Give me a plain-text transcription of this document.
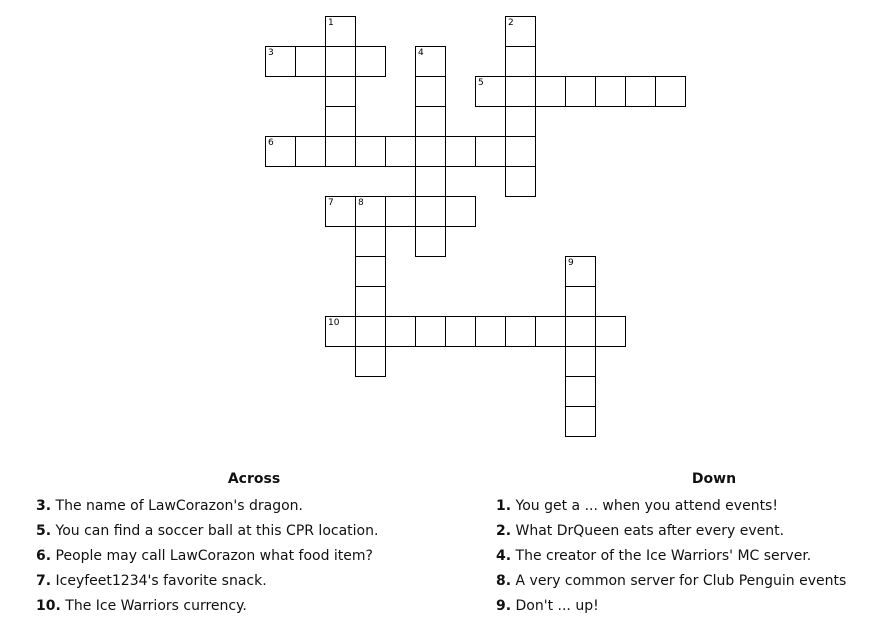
1	2
3	4
5
6
7	8
9
10
Across
3. The name of LawCorazon's dragon.
5. You can find a soccer ball at this CPR location.
6. People may call LawCorazon what food item?
7. Iceyfeet1234's favorite snack.
10. The Ice Warriors currency.
Down
1. You get a ... when you attend events!
2. What DrQueen eats after every event.
4. The creator of the Ice Warriors' MC server.
8. A very common server for Club Penguin events
9. Don't ... up!
